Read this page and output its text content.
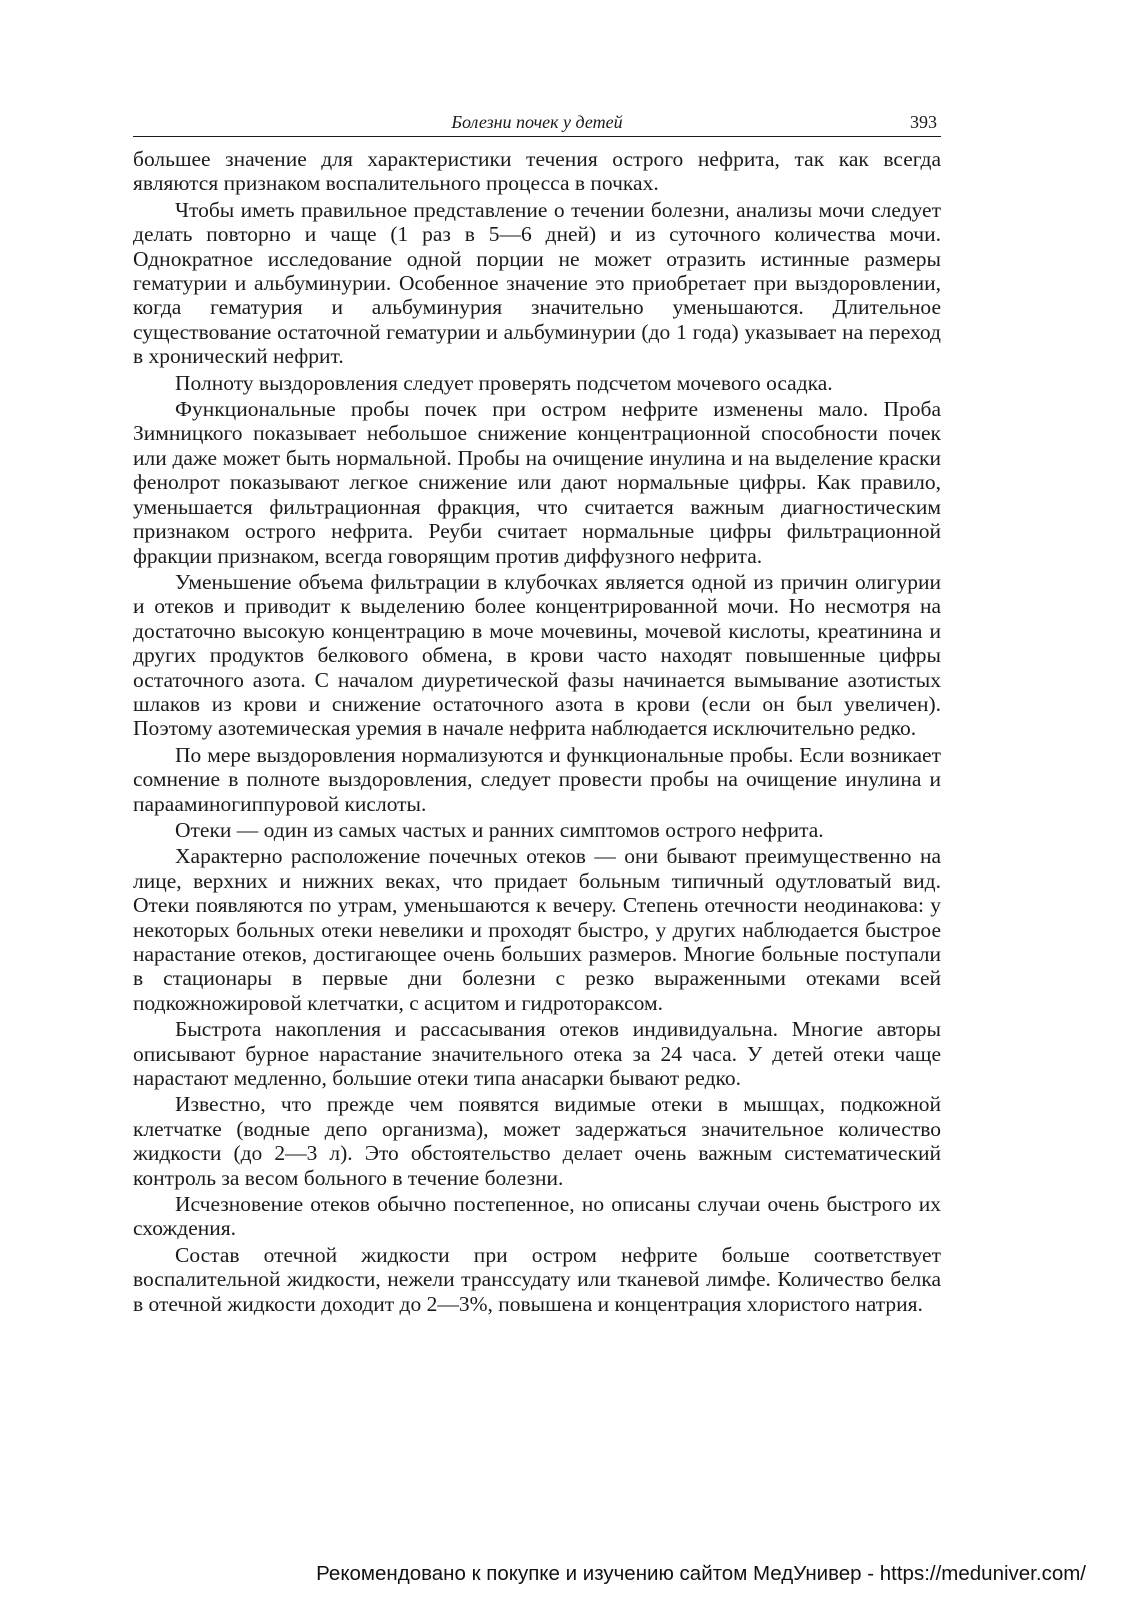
Болезни почек у детей	393

большее значение для характеристики течения острого нефрита, так как всегда являются признаком воспалительного процесса в почках.

Чтобы иметь правильное представление о течении болезни, анализы мочи следует делать повторно и чаще (1 раз в 5—6 дней) и из суточного количества мочи. Однократное исследование одной порции не может отразить истинные размеры гематурии и альбуминурии. Особенное значение это приобретает при выздоровлении, когда гематурия и альбуминурия значительно уменьшаются. Длительное существование остаточной гематурии и альбуминурии (до 1 года) указывает на переход в хронический нефрит.

Полноту выздоровления следует проверять подсчетом мочевого осадка.

Функциональные пробы почек при остром нефрите изменены мало. Проба Зимницкого показывает небольшое снижение концентрационной способности почек или даже может быть нормальной. Пробы на очищение инулина и на выделение краски фенолрот показывают легкое снижение или дают нормальные цифры. Как правило, уменьшается фильтрационная фракция, что считается важным диагностическим признаком острого нефрита. Реуби считает нормальные цифры фильтрационной фракции признаком, всегда говорящим против диффузного нефрита.

Уменьшение объема фильтрации в клубочках является одной из причин олигурии и отеков и приводит к выделению более концентрированной мочи. Но несмотря на достаточно высокую концентрацию в моче мочевины, мочевой кислоты, креатинина и других продуктов белкового обмена, в крови часто находят повышенные цифры остаточного азота. С началом диуретической фазы начинается вымывание азотистых шлаков из крови и снижение остаточного азота в крови (если он был увеличен). Поэтому азотемическая уремия в начале нефрита наблюдается исключительно редко.

По мере выздоровления нормализуются и функциональные пробы. Если возникает сомнение в полноте выздоровления, следует провести пробы на очищение инулина и парааминогиппуровой кислоты.

Отеки — один из самых частых и ранних симптомов острого нефрита.

Характерно расположение почечных отеков — они бывают преимущественно на лице, верхних и нижних веках, что придает больным типичный одутловатый вид. Отеки появляются по утрам, уменьшаются к вечеру. Степень отечности неодинакова: у некоторых больных отеки невелики и проходят быстро, у других наблюдается быстрое нарастание отеков, достигающее очень больших размеров. Многие больные поступали в стационары в первые дни болезни с резко выраженными отеками всей подкожножировой клетчатки, с асцитом и гидротораксом.

Быстрота накопления и рассасывания отеков индивидуальна. Многие авторы описывают бурное нарастание значительного отека за 24 часа. У детей отеки чаще нарастают медленно, большие отеки типа анасарки бывают редко.

Известно, что прежде чем появятся видимые отеки в мышцах, подкожной клетчатке (водные депо организма), может задержаться значительное количество жидкости (до 2—3 л). Это обстоятельство делает очень важным систематический контроль за весом больного в течение болезни.

Исчезновение отеков обычно постепенное, но описаны случаи очень быстрого их схождения.

Состав отечной жидкости при остром нефрите больше соответствует воспалительной жидкости, нежели транссудату или тканевой лимфе. Количество белка в отечной жидкости доходит до 2—3%, повышена и концентрация хлористого натрия.

Рекомендовано к покупке и изучению сайтом МедУнивер - https://meduniver.com/
